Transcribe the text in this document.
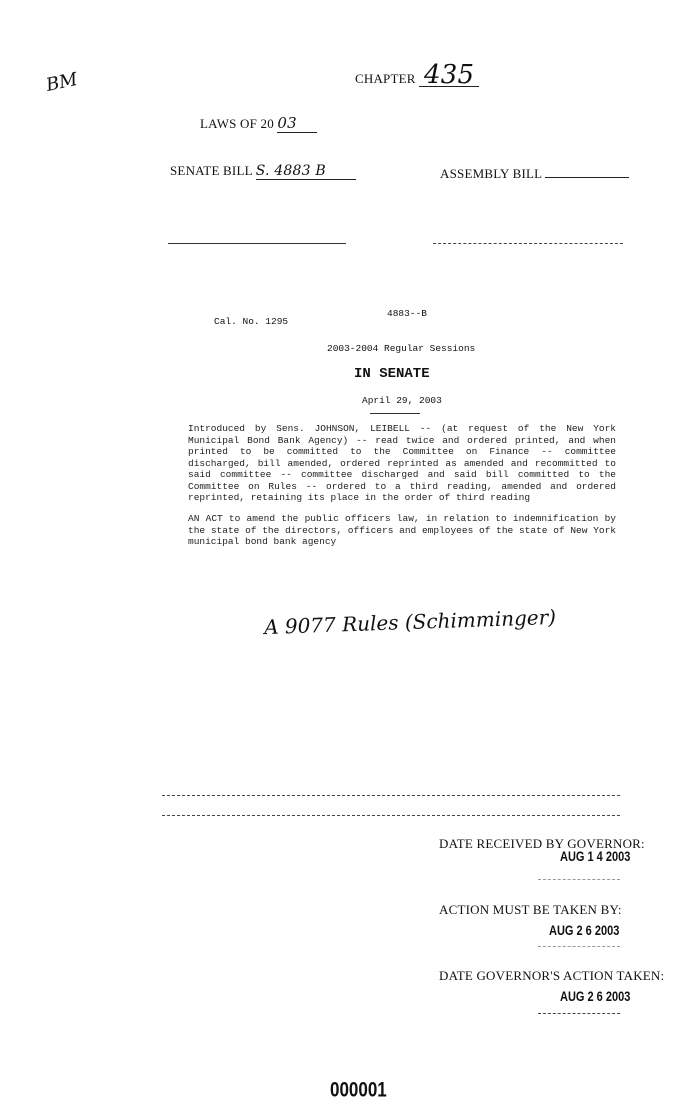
BM	CHAPTER 435
LAWS OF 20 03
SENATE BILL S. 4883 B	ASSEMBLY BILL
Cal. No. 1295
4883--B
2003-2004 Regular Sessions
IN SENATE
April 29, 2003

Introduced by Sens. JOHNSON, LEIBELL -- (at request of the New York Municipal Bond Bank Agency) -- read twice and ordered printed, and when printed to be committed to the Committee on Finance -- committee discharged, bill amended, ordered reprinted as amended and recommitted to said committee -- committee discharged and said bill committed to the Committee on Rules -- ordered to a third reading, amended and ordered reprinted, retaining its place in the order of third reading

AN ACT to amend the public officers law, in relation to indemnification by the state of the directors, officers and employees of the state of New York municipal bond bank agency

A 9077 Rules (Schimminger)
DATE RECEIVED BY GOVERNOR:
AUG 1 4 2003
ACTION MUST BE TAKEN BY:
AUG 2 6 2003
DATE GOVERNOR'S ACTION TAKEN:
AUG 2 6 2003
000001
